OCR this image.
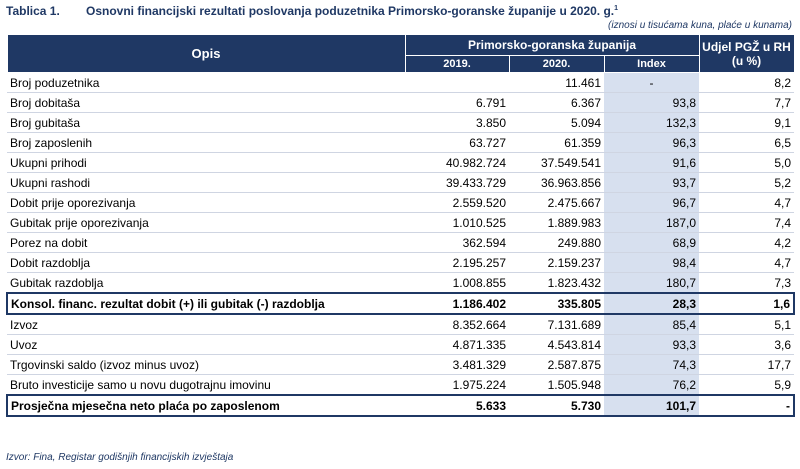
Tablica 1. Osnovni financijski rezultati poslovanja poduzetnika Primorsko-goranske županije u 2020. g.$^1$
(iznosi u tisućama kuna, plaće u kunama)
Opis	Primorsko-goranska županija			Udjel PGŽ u RH (u %)
	2019.	2020.	Index	
Broj poduzetnika		11.461	-	8,2
Broj dobitaša	6.791	6.367	93,8	7,7
Broj gubitaša	3.850	5.094	132,3	9,1
Broj zaposlenih	63.727	61.359	96,3	6,5
Ukupni prihodi	40.982.724	37.549.541	91,6	5,0
Ukupni rashodi	39.433.729	36.963.856	93,7	5,2
Dobit prije oporezivanja	2.559.520	2.475.667	96,7	4,7
Gubitak prije oporezivanja	1.010.525	1.889.983	187,0	7,4
Porez na dobit	362.594	249.880	68,9	4,2
Dobit razdoblja	2.195.257	2.159.237	98,4	4,7
Gubitak razdoblja	1.008.855	1.823.432	180,7	7,3
Konsol. financ. rezultat dobit (+) ili gubitak (-) razdoblja	1.186.402	335.805	28,3	1,6
Izvoz	8.352.664	7.131.689	85,4	5,1
Uvoz	4.871.335	4.543.814	93,3	3,6
Trgovinski saldo (izvoz minus uvoz)	3.481.329	2.587.875	74,3	17,7
Bruto investicije samo u novu dugotrajnu imovinu	1.975.224	1.505.948	76,2	5,9
Prosječna mjesečna neto plaća po zaposlenom	5.633	5.730	101,7	-
Izvor: Fina, Registar godišnjih financijskih izvještaja
